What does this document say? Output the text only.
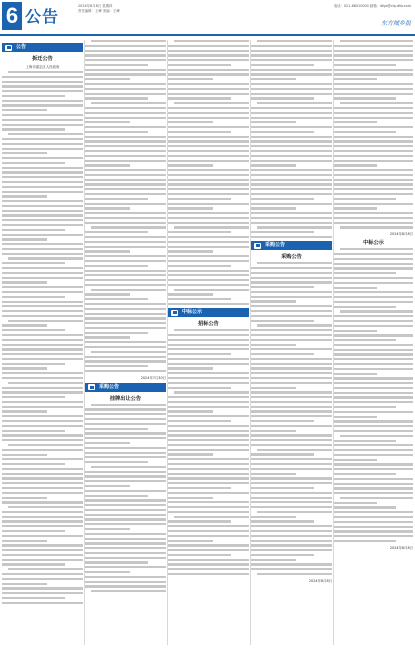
6 公告
2024年8月8日 星期四
责任编辑：王峰 美编：王峰
电话：021-66010000 邮箱：dfgz@vip.dfw.com
东方城乡报
公告
拆迁公告
上海市嘉定区人民政府
2024年7月30日
采购公告
挂牌出让公告
中标公示
招标公告
采购公告
采购公告
2024年8月8日
2024年8月8日
中标公示
2024年8月8日
